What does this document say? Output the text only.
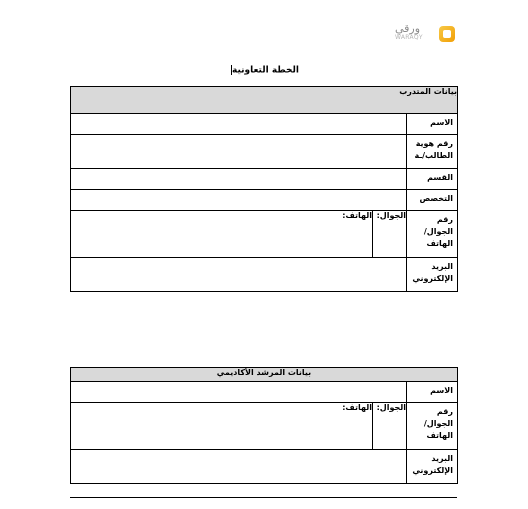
ورقي
WARAQY
الخطة التعاونية
بيانات المتدرب		
الاسم		
رقم هوية الطالب/ـة		
القسم		
التخصص		
رقم الجوال/ الهاتف	الجوال:	الهاتف:
البريد الإلكتروني		
بيانات المرشد الأكاديمي		
الاسم		
رقم الجوال/ الهاتف	الجوال:	الهاتف:
البريد الإلكتروني		
